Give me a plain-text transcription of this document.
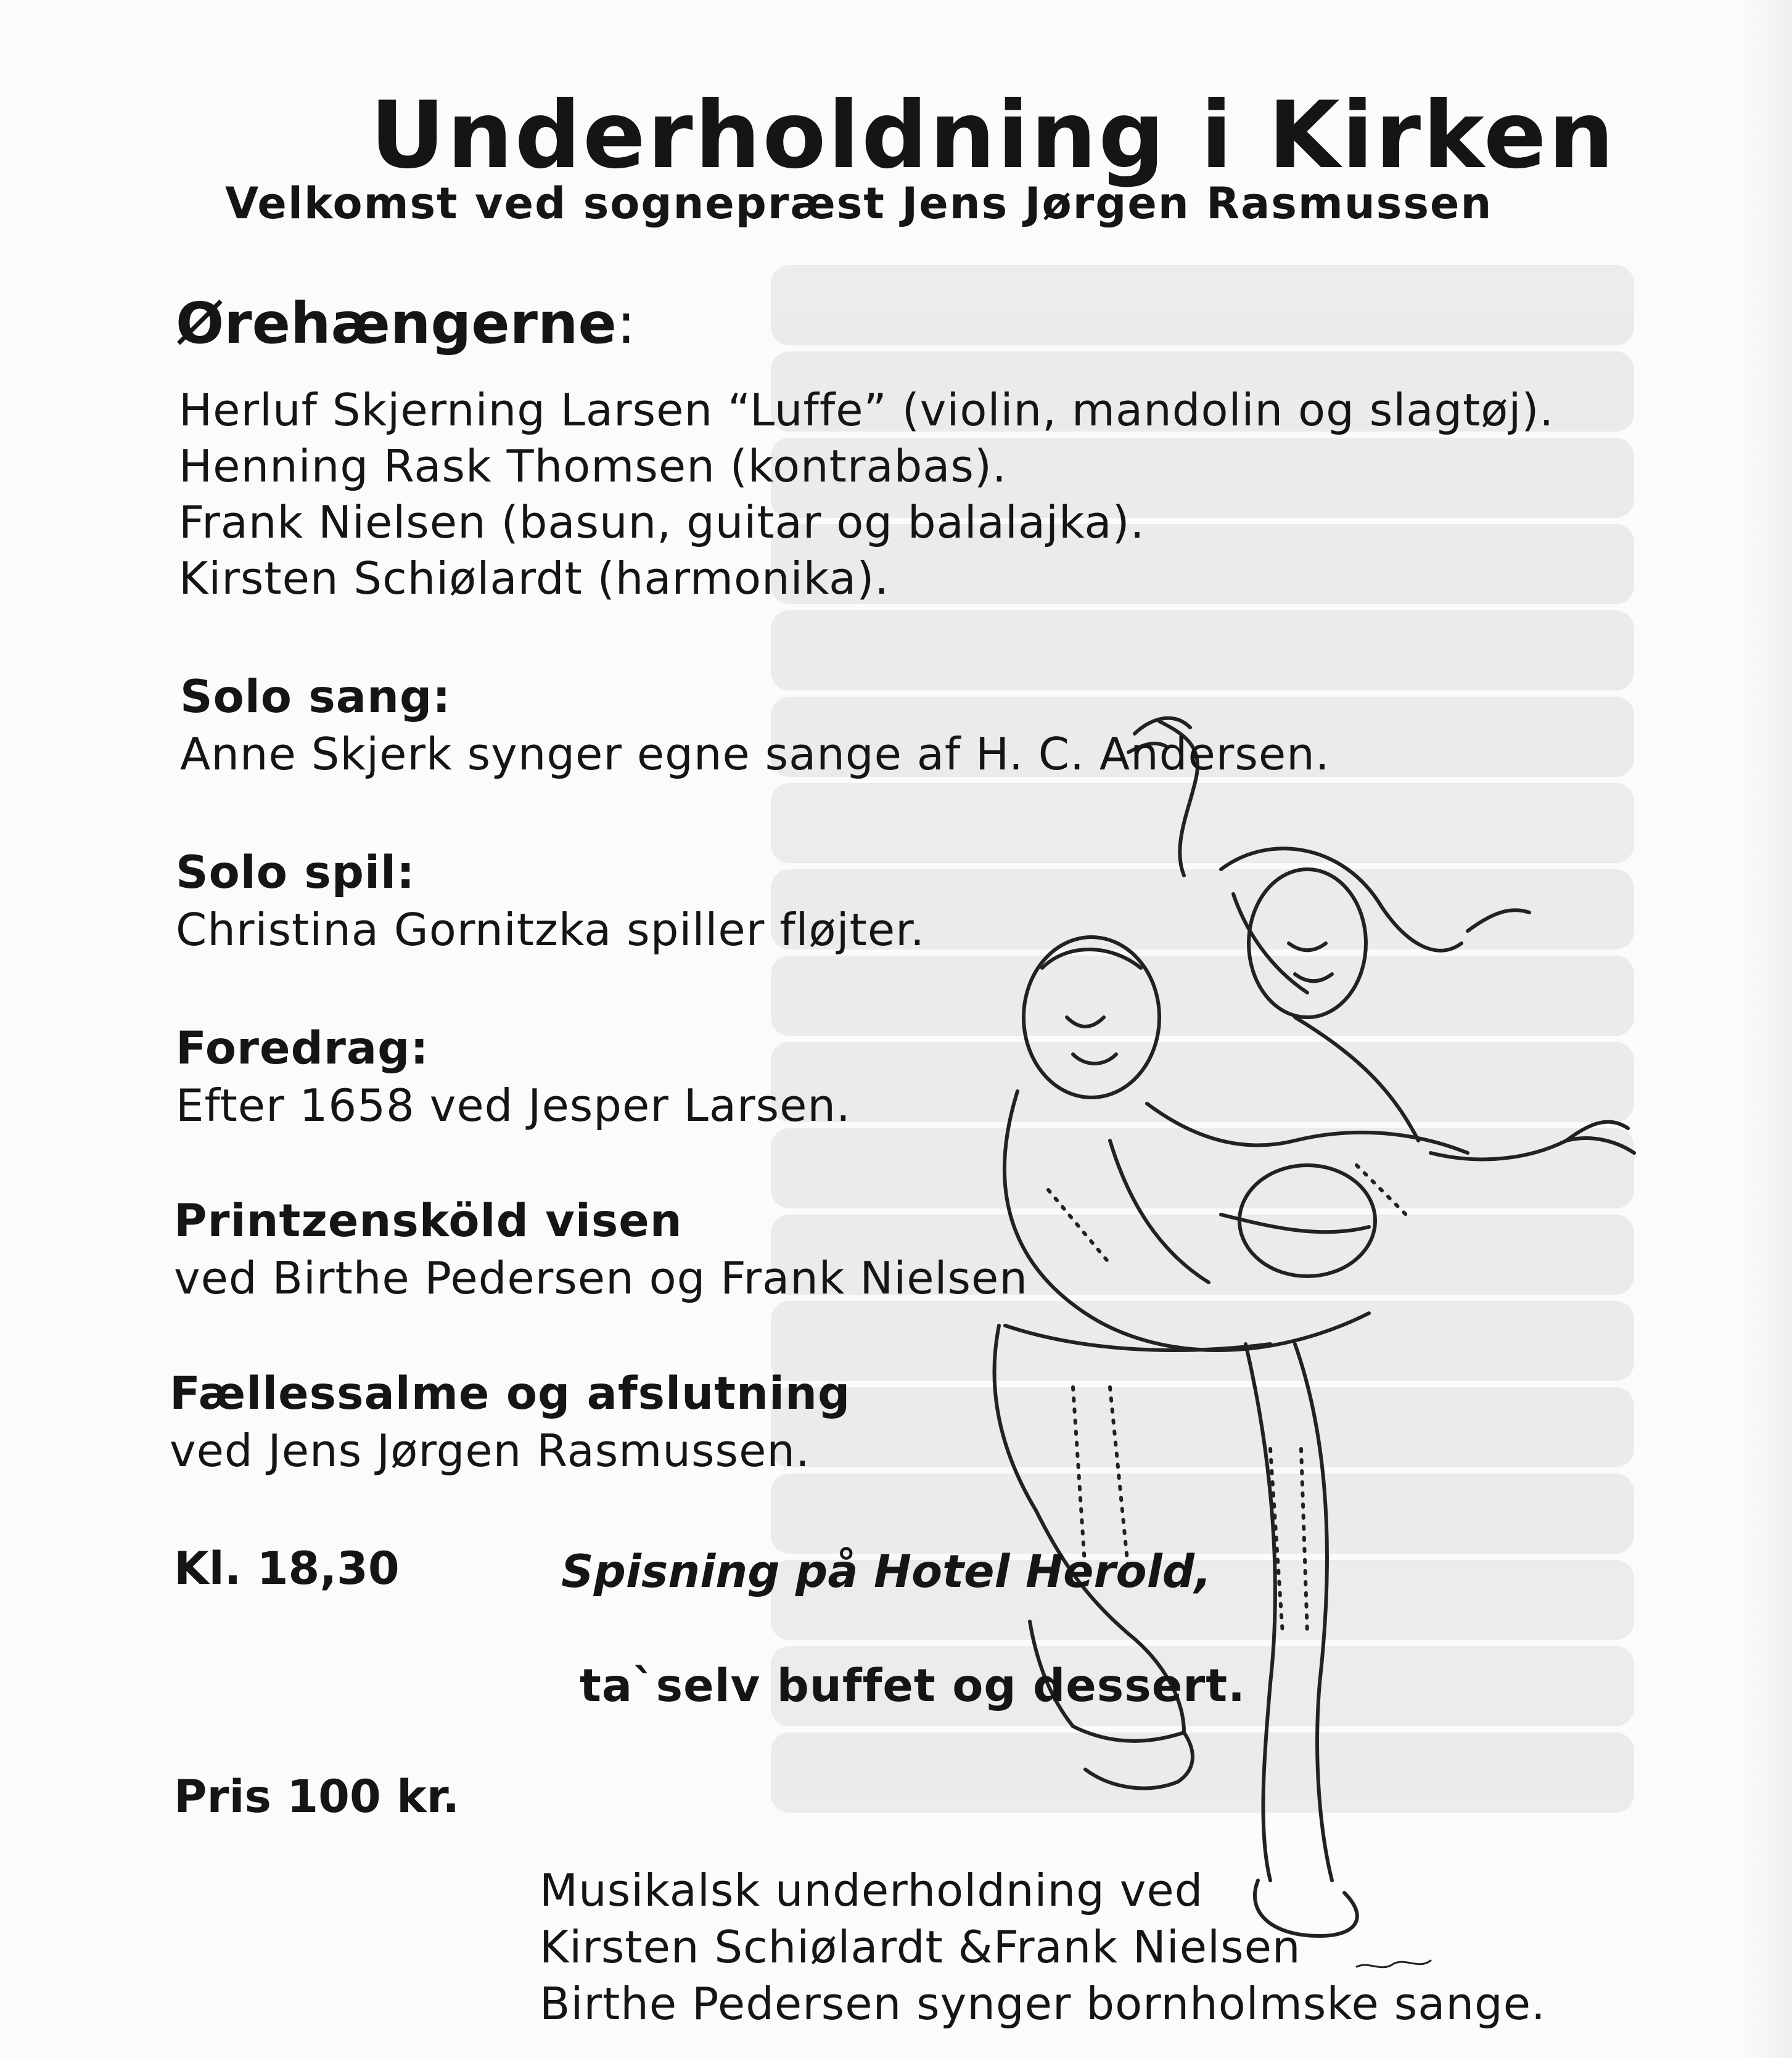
Underholdning i Kirken
Velkomst ved sognepræst Jens Jørgen Rasmussen
Ørehængerne:
Herluf Skjerning Larsen “Luffe” (violin, mandolin og slagtøj).
Henning Rask Thomsen (kontrabas).
Frank Nielsen (basun, guitar og balalajka).
Kirsten Schiølardt (harmonika).
Solo sang:
Anne Skjerk synger egne sange af H. C. Andersen.
Solo spil:
Christina Gornitzka spiller fløjter.
Foredrag:
Efter 1658 ved Jesper Larsen.
Printzensköld visen
ved Birthe Pedersen og Frank Nielsen
Fællessalme og afslutning
ved Jens Jørgen Rasmussen.
Kl. 18,30	Spisning på Hotel Herold,
ta`selv buffet og dessert.
Pris 100 kr.
Musikalsk underholdning ved
Kirsten Schiølardt &Frank Nielsen
Birthe Pedersen synger bornholmske sange.
